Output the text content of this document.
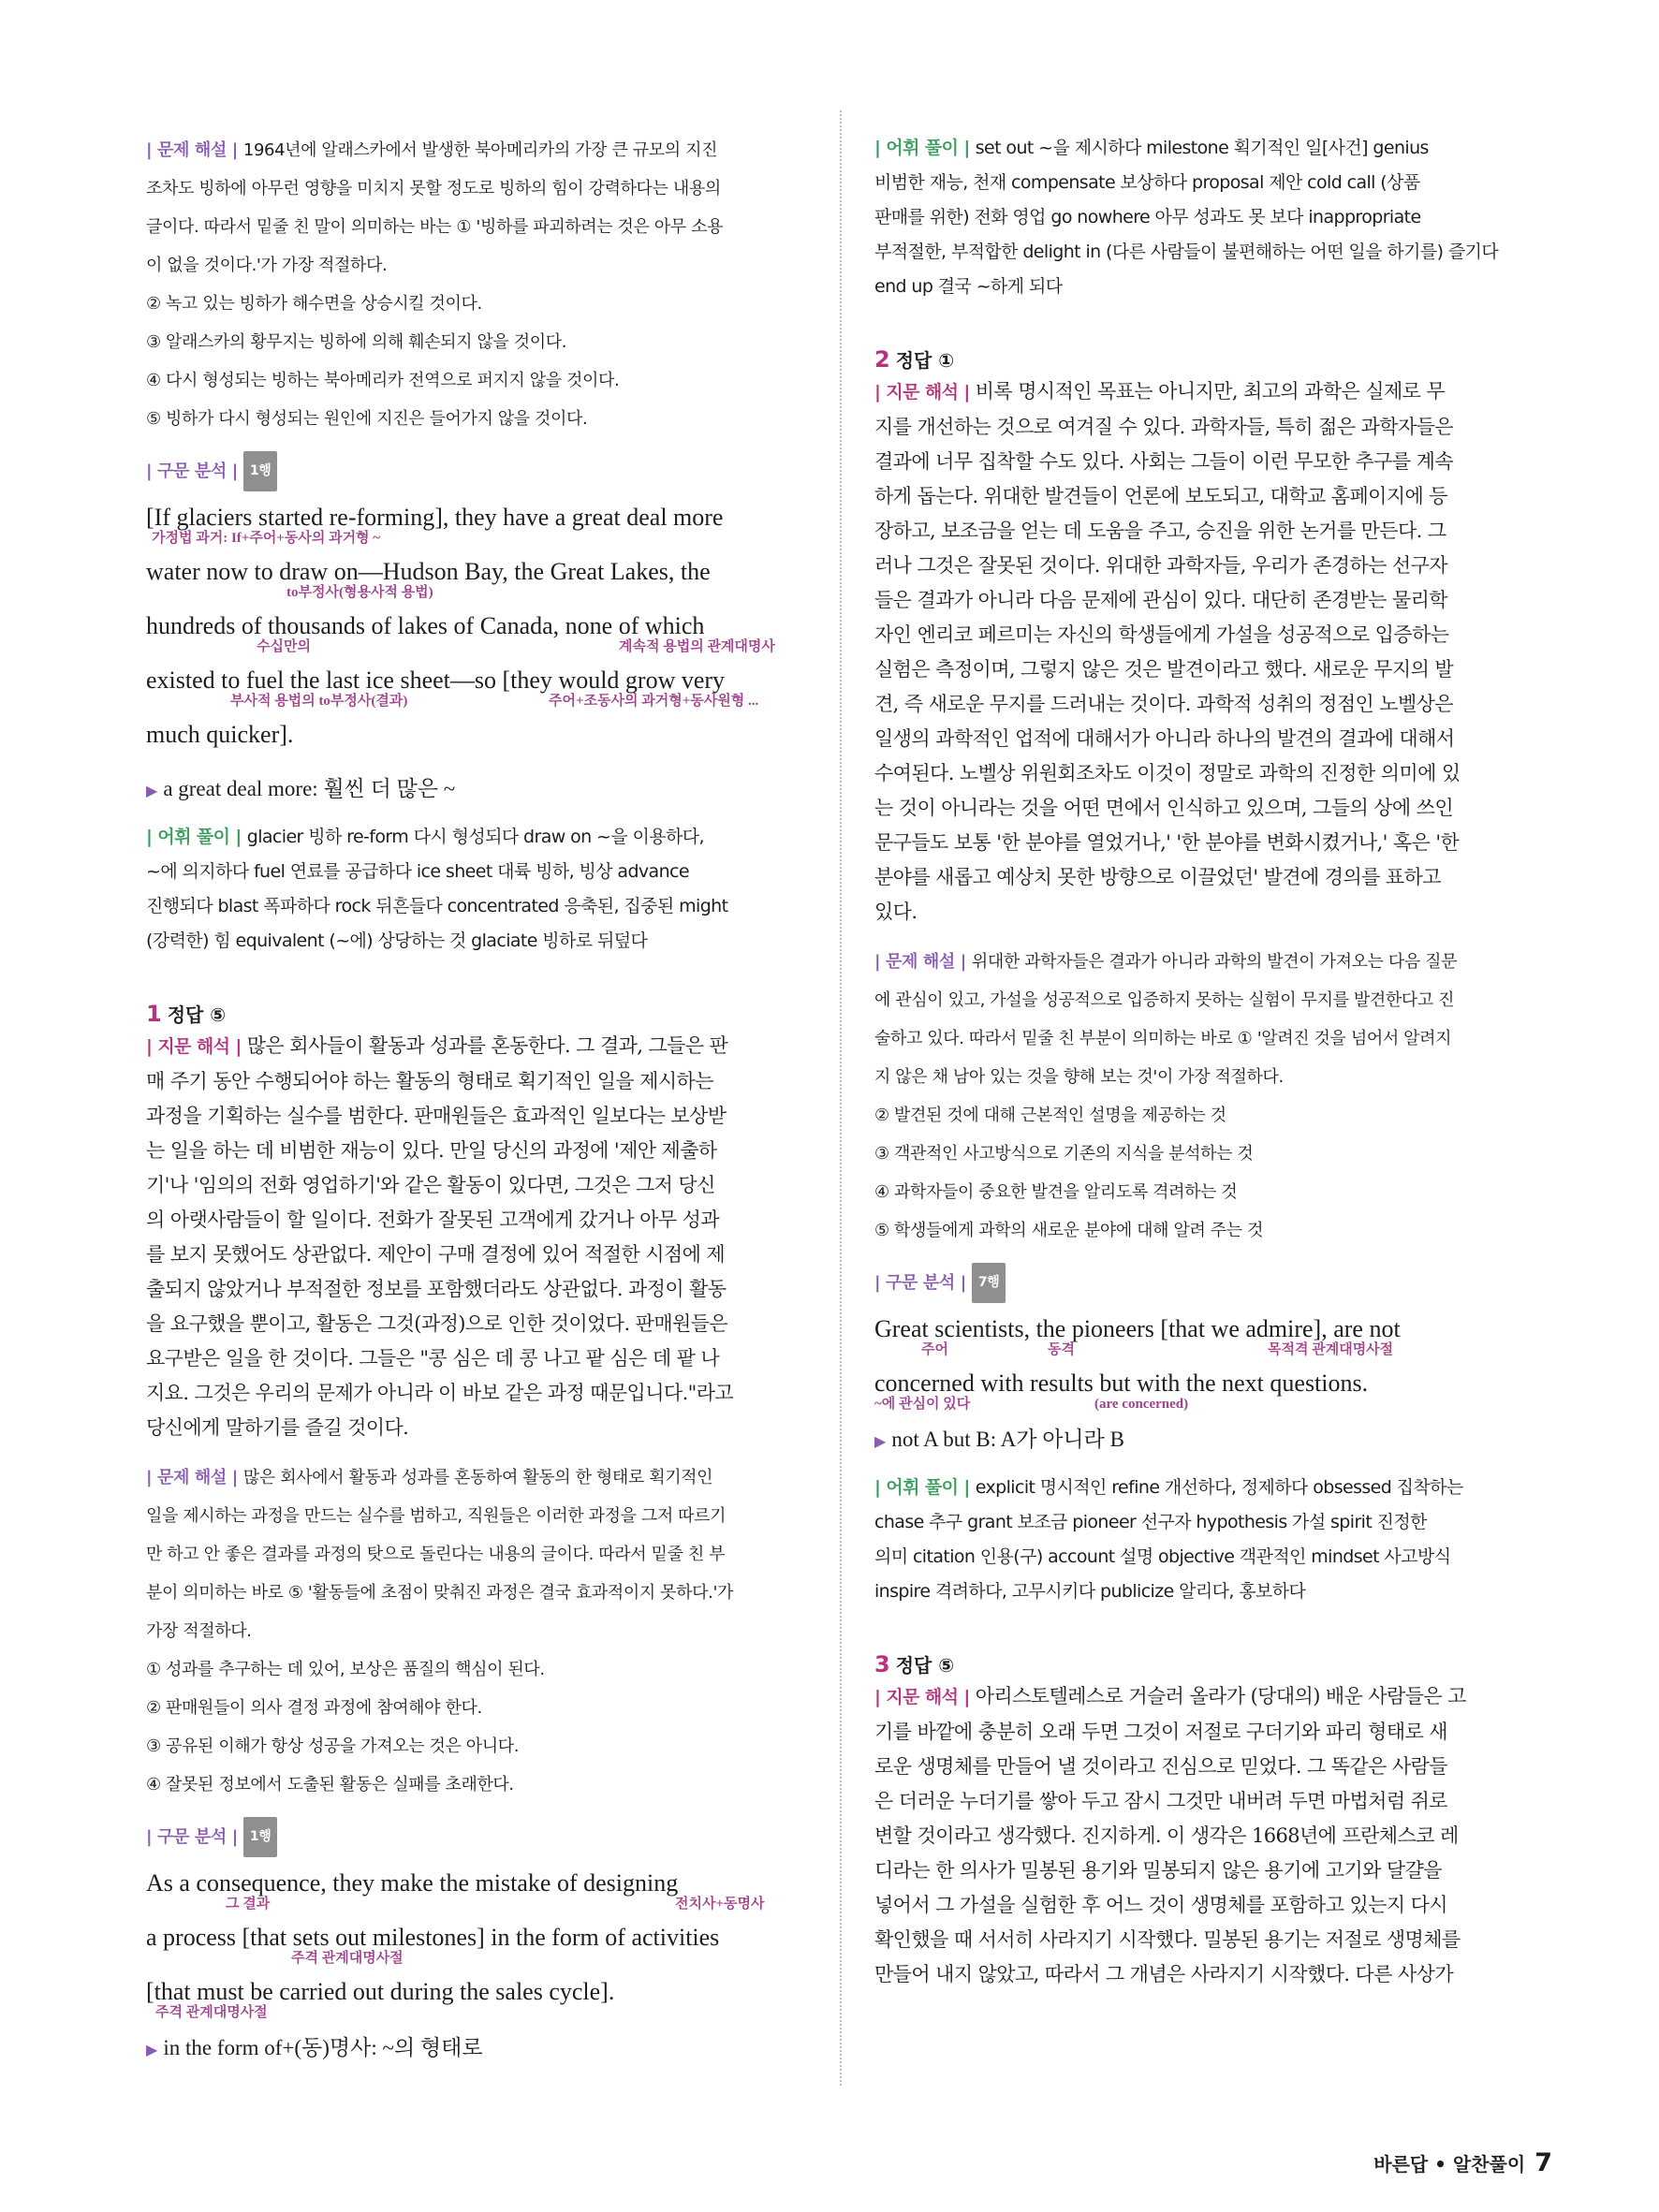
| 문제 해설 | 1964년에 알래스카에서 발생한 북아메리카의 가장 큰 규모의 지진

조차도 빙하에 아무런 영향을 미치지 못할 정도로 빙하의 힘이 강력하다는 내용의

글이다. 따라서 밑줄 친 말이 의미하는 바는 ① '빙하를 파괴하려는 것은 아무 소용

이 없을 것이다.'가 가장 적절하다.

② 녹고 있는 빙하가 해수면을 상승시킬 것이다.

③ 알래스카의 황무지는 빙하에 의해 훼손되지 않을 것이다.

④ 다시 형성되는 빙하는 북아메리카 전역으로 퍼지지 않을 것이다.

⑤ 빙하가 다시 형성되는 원인에 지진은 들어가지 않을 것이다.

| 구문 분석 | 1행
[If glaciers started re-forming], they have a great deal more
가정법 과거: If+주어+동사의 과거형 ~
water now to draw on—Hudson Bay, the Great Lakes, the
to부정사(형용사적 용법)
hundreds of thousands of lakes of Canada, none of which
수십만의	계속적 용법의 관계대명사
existed to fuel the last ice sheet—so [they would grow very
부사적 용법의 to부정사(결과)	주어+조동사의 과거형+동사원형 ...
much quicker].
▶ a great deal more: 훨씬 더 많은 ~

| 어휘 풀이 | glacier 빙하 re-form 다시 형성되다 draw on ~을 이용하다,

~에 의지하다 fuel 연료를 공급하다 ice sheet 대륙 빙하, 빙상 advance

진행되다 blast 폭파하다 rock 뒤흔들다 concentrated 응축된, 집중된 might

(강력한) 힘 equivalent (~에) 상당하는 것 glaciate 빙하로 뒤덮다

1 정답 ⑤
| 지문 해석 | 많은 회사들이 활동과 성과를 혼동한다. 그 결과, 그들은 판
매 주기 동안 수행되어야 하는 활동의 형태로 획기적인 일을 제시하는
과정을 기획하는 실수를 범한다. 판매원들은 효과적인 일보다는 보상받
는 일을 하는 데 비범한 재능이 있다. 만일 당신의 과정에 '제안 제출하
기'나 '임의의 전화 영업하기'와 같은 활동이 있다면, 그것은 그저 당신
의 아랫사람들이 할 일이다. 전화가 잘못된 고객에게 갔거나 아무 성과
를 보지 못했어도 상관없다. 제안이 구매 결정에 있어 적절한 시점에 제
출되지 않았거나 부적절한 정보를 포함했더라도 상관없다. 과정이 활동
을 요구했을 뿐이고, 활동은 그것(과정)으로 인한 것이었다. 판매원들은
요구받은 일을 한 것이다. 그들은 "콩 심은 데 콩 나고 팥 심은 데 팥 나
지요. 그것은 우리의 문제가 아니라 이 바보 같은 과정 때문입니다."라고
당신에게 말하기를 즐길 것이다.

| 문제 해설 | 많은 회사에서 활동과 성과를 혼동하여 활동의 한 형태로 획기적인

일을 제시하는 과정을 만드는 실수를 범하고, 직원들은 이러한 과정을 그저 따르기

만 하고 안 좋은 결과를 과정의 탓으로 돌린다는 내용의 글이다. 따라서 밑줄 친 부

분이 의미하는 바로 ⑤ '활동들에 초점이 맞춰진 과정은 결국 효과적이지 못하다.'가

가장 적절하다.

① 성과를 추구하는 데 있어, 보상은 품질의 핵심이 된다.

② 판매원들이 의사 결정 과정에 참여해야 한다.

③ 공유된 이해가 항상 성공을 가져오는 것은 아니다.

④ 잘못된 정보에서 도출된 활동은 실패를 초래한다.

| 구문 분석 | 1행
As a consequence, they make the mistake of designing
그 결과	전치사+동명사
a process [that sets out milestones] in the form of activities
주격 관계대명사절
[that must be carried out during the sales cycle].
주격 관계대명사절
▶ in the form of+(동)명사: ~의 형태로

| 어휘 풀이 | set out ~을 제시하다 milestone 획기적인 일[사건] genius

비범한 재능, 천재 compensate 보상하다 proposal 제안 cold call (상품

판매를 위한) 전화 영업 go nowhere 아무 성과도 못 보다 inappropriate

부적절한, 부적합한 delight in (다른 사람들이 불편해하는 어떤 일을 하기를) 즐기다

end up 결국 ~하게 되다

2 정답 ①
| 지문 해석 | 비록 명시적인 목표는 아니지만, 최고의 과학은 실제로 무
지를 개선하는 것으로 여겨질 수 있다. 과학자들, 특히 젊은 과학자들은
결과에 너무 집착할 수도 있다. 사회는 그들이 이런 무모한 추구를 계속
하게 돕는다. 위대한 발견들이 언론에 보도되고, 대학교 홈페이지에 등
장하고, 보조금을 얻는 데 도움을 주고, 승진을 위한 논거를 만든다. 그
러나 그것은 잘못된 것이다. 위대한 과학자들, 우리가 존경하는 선구자
들은 결과가 아니라 다음 문제에 관심이 있다. 대단히 존경받는 물리학
자인 엔리코 페르미는 자신의 학생들에게 가설을 성공적으로 입증하는
실험은 측정이며, 그렇지 않은 것은 발견이라고 했다. 새로운 무지의 발
견, 즉 새로운 무지를 드러내는 것이다. 과학적 성취의 정점인 노벨상은
일생의 과학적인 업적에 대해서가 아니라 하나의 발견의 결과에 대해서
수여된다. 노벨상 위원회조차도 이것이 정말로 과학의 진정한 의미에 있
는 것이 아니라는 것을 어떤 면에서 인식하고 있으며, 그들의 상에 쓰인
문구들도 보통 '한 분야를 열었거나,' '한 분야를 변화시켰거나,' 혹은 '한
분야를 새롭고 예상치 못한 방향으로 이끌었던' 발견에 경의를 표하고
있다.

| 문제 해설 | 위대한 과학자들은 결과가 아니라 과학의 발견이 가져오는 다음 질문

에 관심이 있고, 가설을 성공적으로 입증하지 못하는 실험이 무지를 발견한다고 진

술하고 있다. 따라서 밑줄 친 부분이 의미하는 바로 ① '알려진 것을 넘어서 알려지

지 않은 채 남아 있는 것을 향해 보는 것'이 가장 적절하다.

② 발견된 것에 대해 근본적인 설명을 제공하는 것

③ 객관적인 사고방식으로 기존의 지식을 분석하는 것

④ 과학자들이 중요한 발견을 알리도록 격려하는 것

⑤ 학생들에게 과학의 새로운 분야에 대해 알려 주는 것

| 구문 분석 | 7행
Great scientists, the pioneers [that we admire], are not
주어	동격	목적격 관계대명사절
concerned with results but with the next questions.
~에 관심이 있다	(are concerned)
▶ not A but B: A가 아니라 B

| 어휘 풀이 | explicit 명시적인 refine 개선하다, 정제하다 obsessed 집착하는

chase 추구 grant 보조금 pioneer 선구자 hypothesis 가설 spirit 진정한

의미 citation 인용(구) account 설명 objective 객관적인 mindset 사고방식

inspire 격려하다, 고무시키다 publicize 알리다, 홍보하다

3 정답 ⑤
| 지문 해석 | 아리스토텔레스로 거슬러 올라가 (당대의) 배운 사람들은 고
기를 바깥에 충분히 오래 두면 그것이 저절로 구더기와 파리 형태로 새
로운 생명체를 만들어 낼 것이라고 진심으로 믿었다. 그 똑같은 사람들
은 더러운 누더기를 쌓아 두고 잠시 그것만 내버려 두면 마법처럼 쥐로
변할 것이라고 생각했다. 진지하게. 이 생각은 1668년에 프란체스코 레
디라는 한 의사가 밀봉된 용기와 밀봉되지 않은 용기에 고기와 달걀을
넣어서 그 가설을 실험한 후 어느 것이 생명체를 포함하고 있는지 다시
확인했을 때 서서히 사라지기 시작했다. 밀봉된 용기는 저절로 생명체를
만들어 내지 않았고, 따라서 그 개념은 사라지기 시작했다. 다른 사상가
바른답 • 알찬풀이 7
